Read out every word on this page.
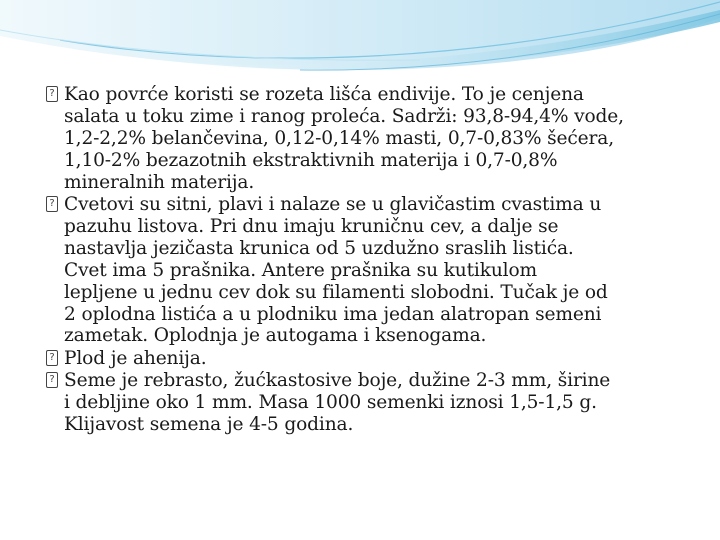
? Kao povrće koristi se rozeta lišća endivije. To je cenjena
salata u toku zime i ranog proleća. Sadrži: 93,8-94,4% vode,
1,2-2,2% belančevina, 0,12-0,14% masti, 0,7-0,83% šećera,
1,10-2% bezazotnih ekstraktivnih materija i 0,7-0,8%
mineralnih materija.
? Cvetovi su sitni, plavi i nalaze se u glavičastim cvastima u
pazuhu listova. Pri dnu imaju kruničnu cev, a dalje se
nastavlja jezičasta krunica od 5 uzdužno sraslih listića.
Cvet ima 5 prašnika. Antere prašnika su kutikulom
lepljene u jednu cev dok su filamenti slobodni. Tučak je od
2 oplodna listića a u plodniku ima jedan alatropan semeni
zametak. Oplodnja je autogama i ksenogama.
? Plod je ahenija.
? Seme je rebrasto, žućkastosive boje, dužine 2-3 mm, širine
i debljine oko 1 mm. Masa 1000 semenki iznosi 1,5-1,5 g.
Klijavost semena je 4-5 godina.
